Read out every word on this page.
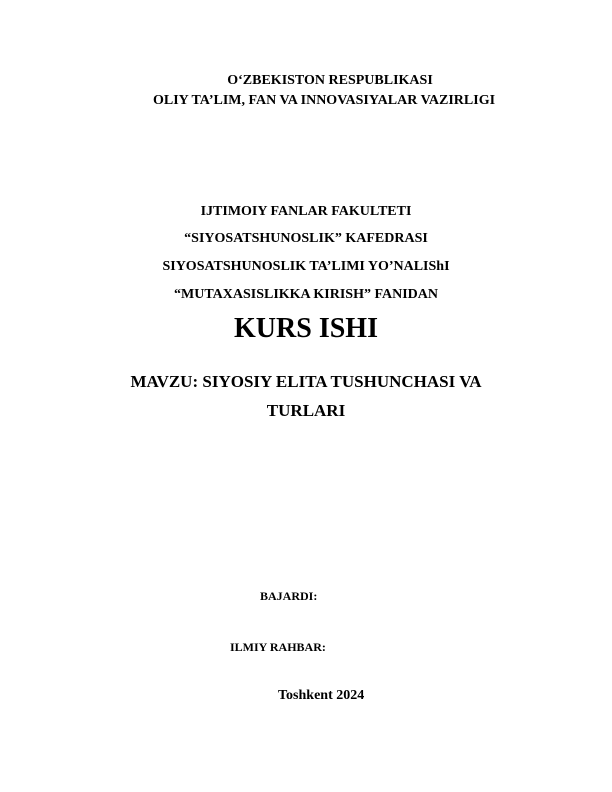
O‘ZBEKISTON RESPUBLIKASI
OLIY TA’LIM, FAN VA INNOVASIYALAR VAZIRLIGI
IJTIMOIY FANLAR FAKULTETI
“SIYOSATSHUNOSLIK” KAFEDRASI
SIYOSATSHUNOSLIK TA’LIMI YO’NALIShI
“MUTAXASISLIKKA KIRISH” FANIDAN
KURS ISHI
MAVZU: SIYOSIY ELITA TUSHUNCHASI VA
TURLARI
BAJARDI:
ILMIY RAHBAR:
Toshkent 2024
